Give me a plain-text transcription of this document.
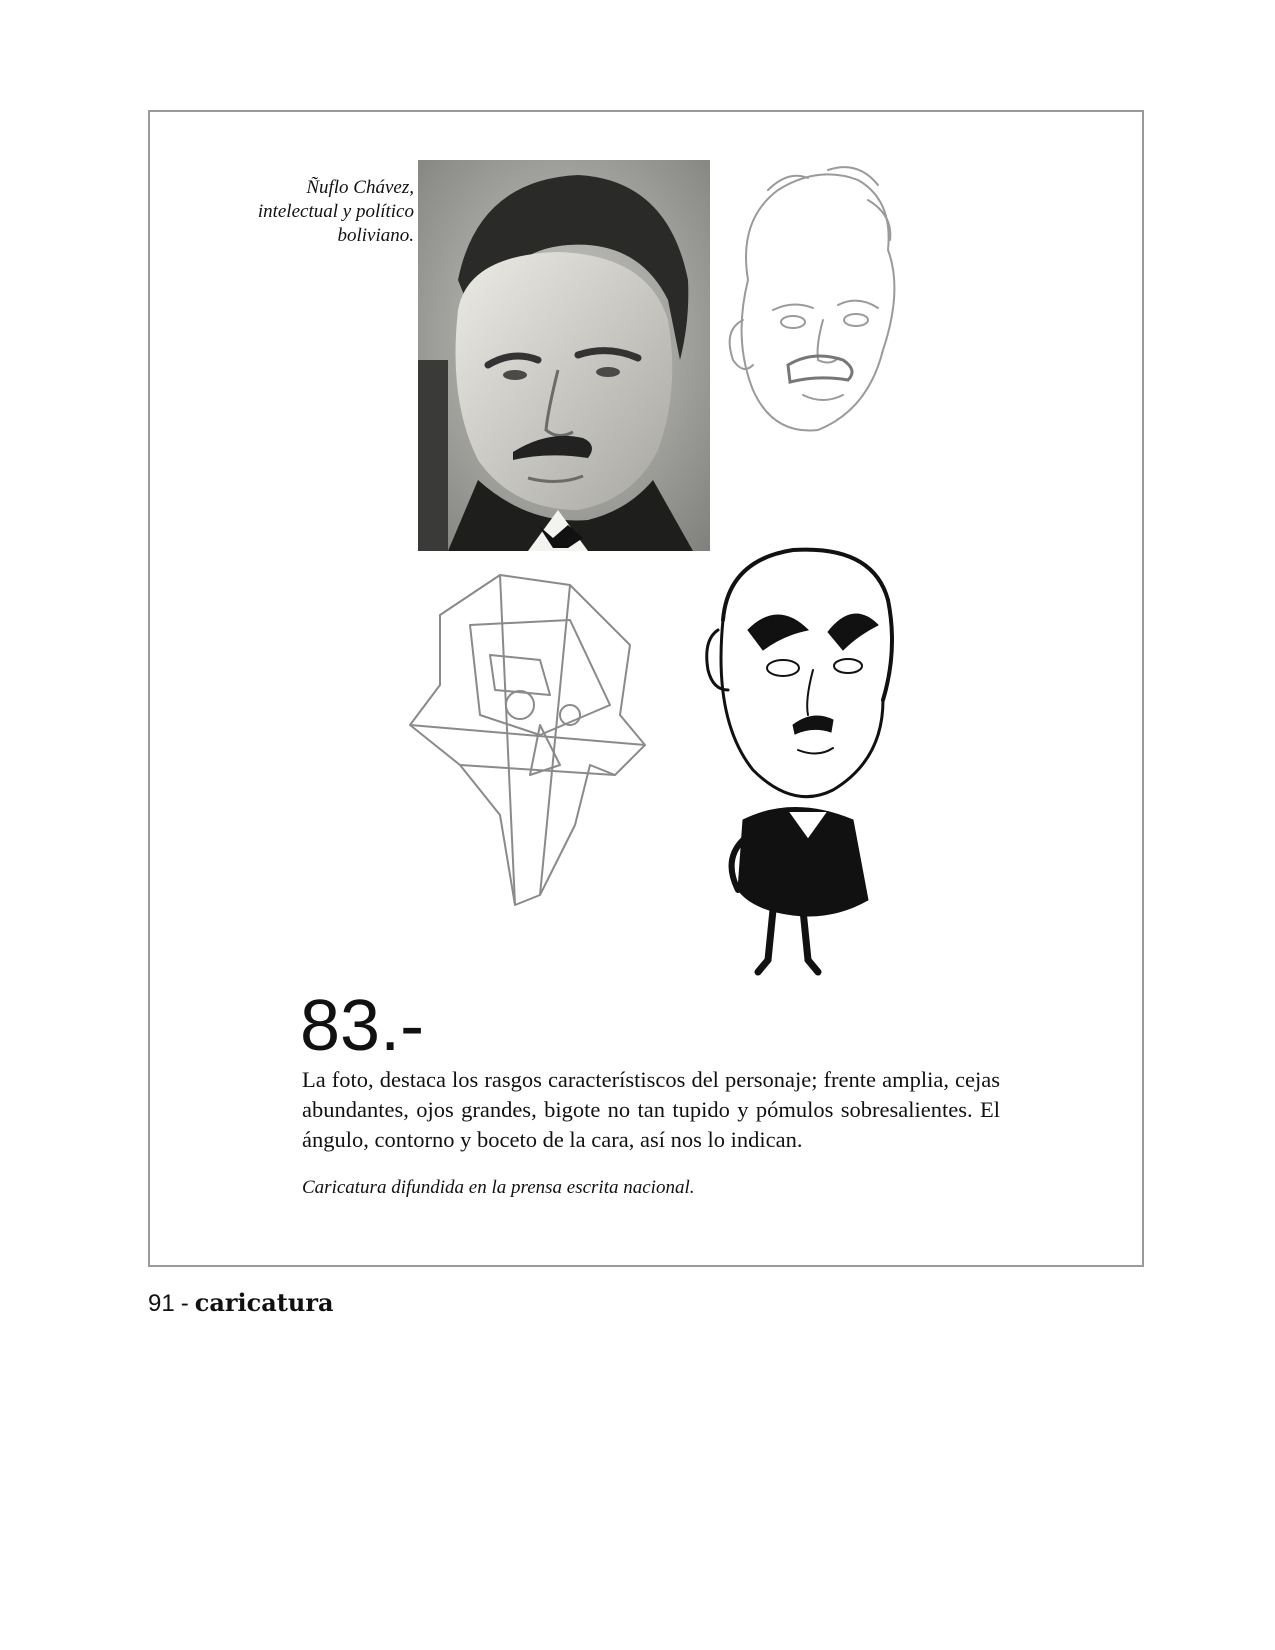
Ñuflo Chávez,
intelectual y político
boliviano.
83.-
La foto, destaca los rasgos característiscos del personaje; frente amplia, cejas abundantes, ojos grandes, bigote no tan tupido y pómulos sobresalientes. El ángulo, contorno y boceto de la cara, así nos lo indican.
Caricatura difundida en la prensa escrita nacional.
91 - caricatura
